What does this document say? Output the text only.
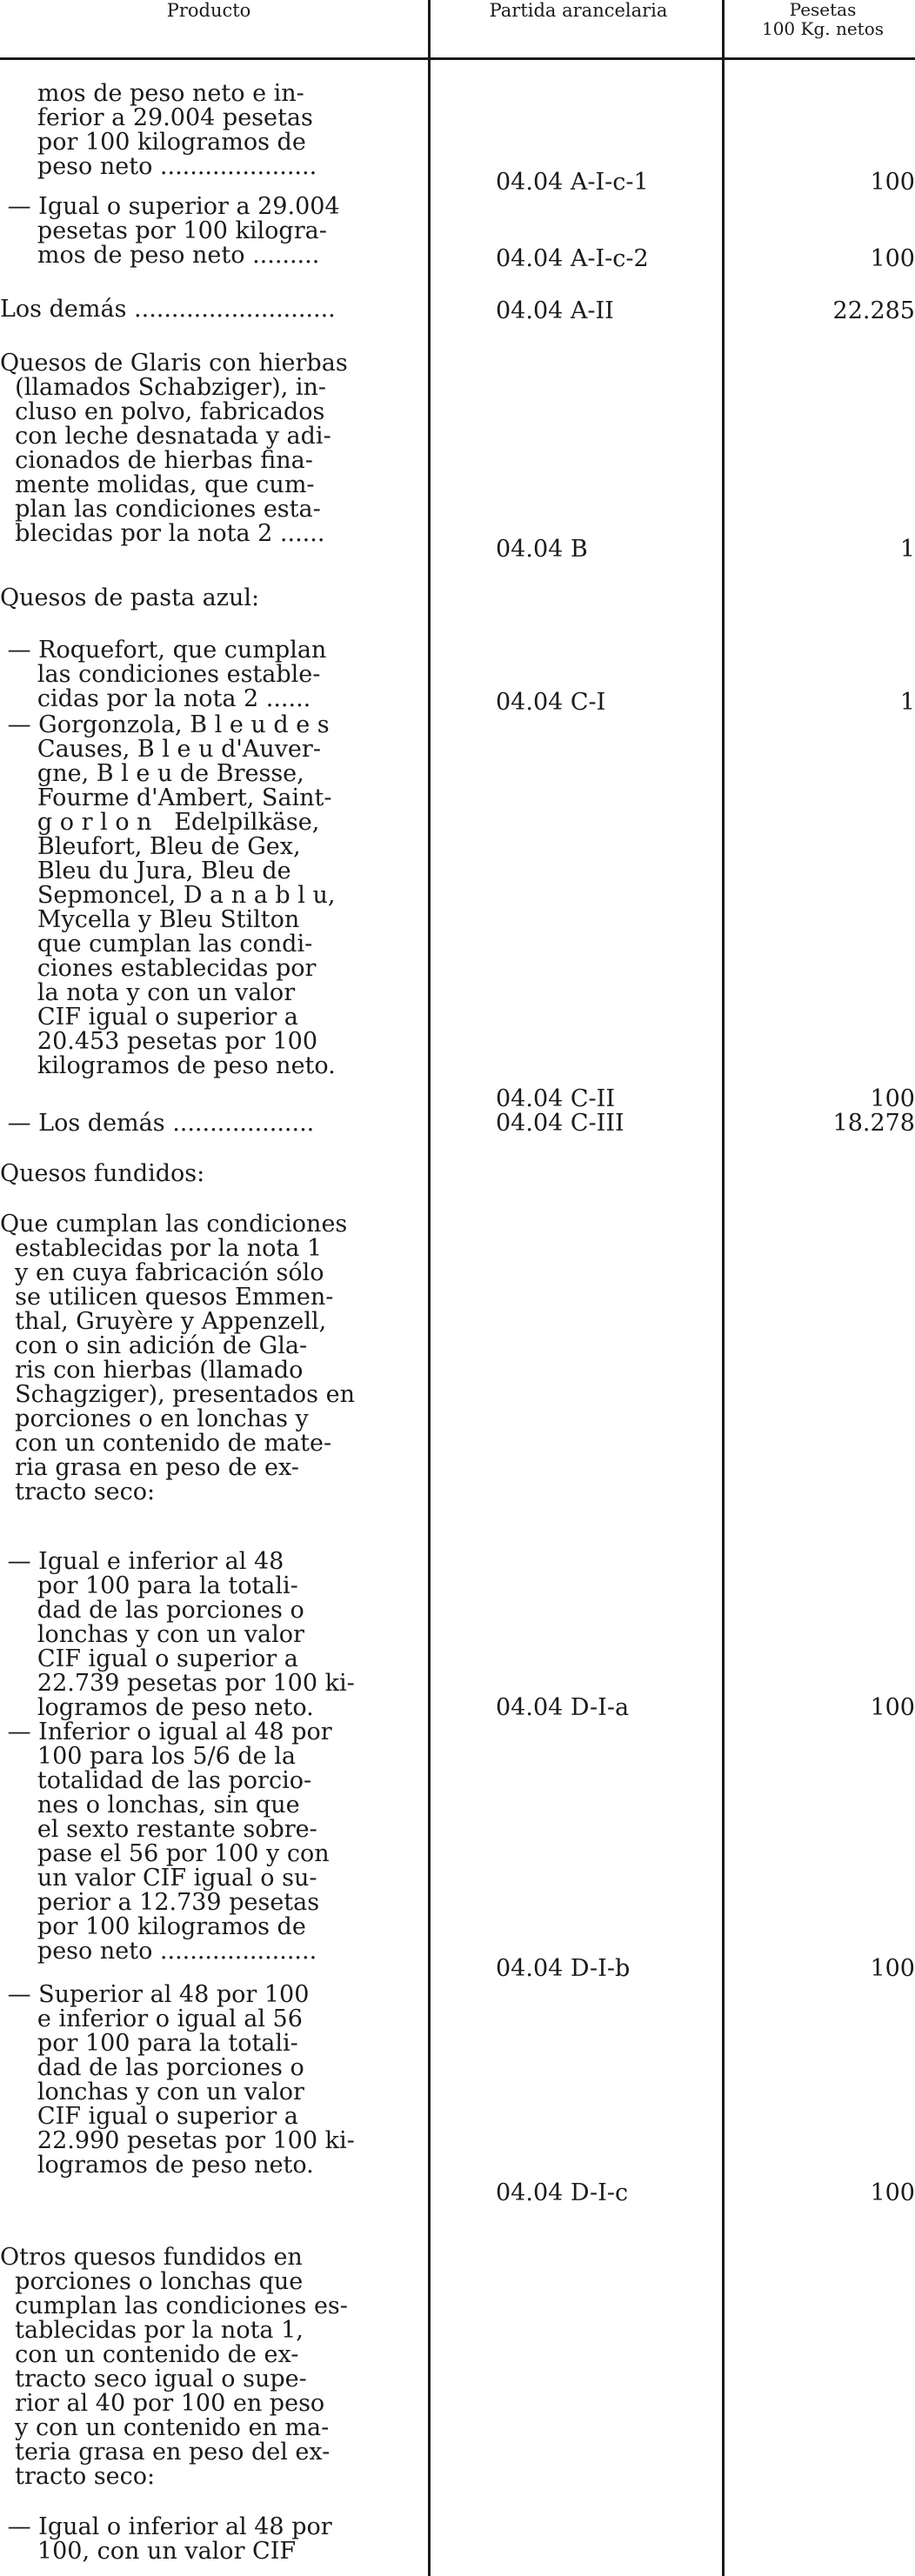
Producto	Partida arancelaria	Pesetas
100 Kg. netos
mos de peso neto e in-
ferior a 29.004 pesetas
por 100 kilogramos de
peso neto .....................
04.04 A-I-c-1	100
— Igual o superior a 29.004
pesetas por 100 kilogra-
mos de peso neto .........	04.04 A-I-c-2	100
Los demás ...........................	04.04 A-II	22.285
Quesos de Glaris con hierbas
(llamados Schabziger), in-
cluso en polvo, fabricados
con leche desnatada y adi-
cionados de hierbas fina-
mente molidas, que cum-
plan las condiciones esta-
blecidas por la nota 2 ......
04.04 B	1
Quesos de pasta azul:
— Roquefort, que cumplan
las condiciones estable-
cidas por la nota 2 ......	04.04 C-I	1
— Gorgonzola, B l e u d e s
Causes, B l e u d'Auver-
gne, B l e u de Bresse,
Fourme d'Ambert, Saint-
g o r l o n   Edelpilkäse,
Bleufort, Bleu de Gex,
Bleu du Jura, Bleu de
Sepmoncel, D a n a b l u,
Mycella y Bleu Stilton
que cumplan las condi-
ciones establecidas por
la nota y con un valor
CIF igual o superior a
20.453 pesetas por 100
kilogramos de peso neto.
04.04 C-II	100
— Los demás ...................	04.04 C-III	18.278
Quesos fundidos:
Que cumplan las condiciones
establecidas por la nota 1
y en cuya fabricación sólo
se utilicen quesos Emmen-
thal, Gruyère y Appenzell,
con o sin adición de Gla-
ris con hierbas (llamado
Schagziger), presentados en
porciones o en lonchas y
con un contenido de mate-
ria grasa en peso de ex-
tracto seco:
— Igual e inferior al 48
por 100 para la totali-
dad de las porciones o
lonchas y con un valor
CIF igual o superior a
22.739 pesetas por 100 ki-
logramos de peso neto.	04.04 D-I-a	100
— Inferior o igual al 48 por
100 para los 5/6 de la
totalidad de las porcio-
nes o lonchas, sin que
el sexto restante sobre-
pase el 56 por 100 y con
un valor CIF igual o su-
perior a 12.739 pesetas
por 100 kilogramos de
peso neto .....................
04.04 D-I-b	100
— Superior al 48 por 100
e inferior o igual al 56
por 100 para la totali-
dad de las porciones o
lonchas y con un valor
CIF igual o superior a
22.990 pesetas por 100 ki-
logramos de peso neto.
04.04 D-I-c	100
Otros quesos fundidos en
porciones o lonchas que
cumplan las condiciones es-
tablecidas por la nota 1,
con un contenido de ex-
tracto seco igual o supe-
rior al 40 por 100 en peso
y con un contenido en ma-
teria grasa en peso del ex-
tracto seco:
— Igual o inferior al 48 por
100, con un valor CIF
